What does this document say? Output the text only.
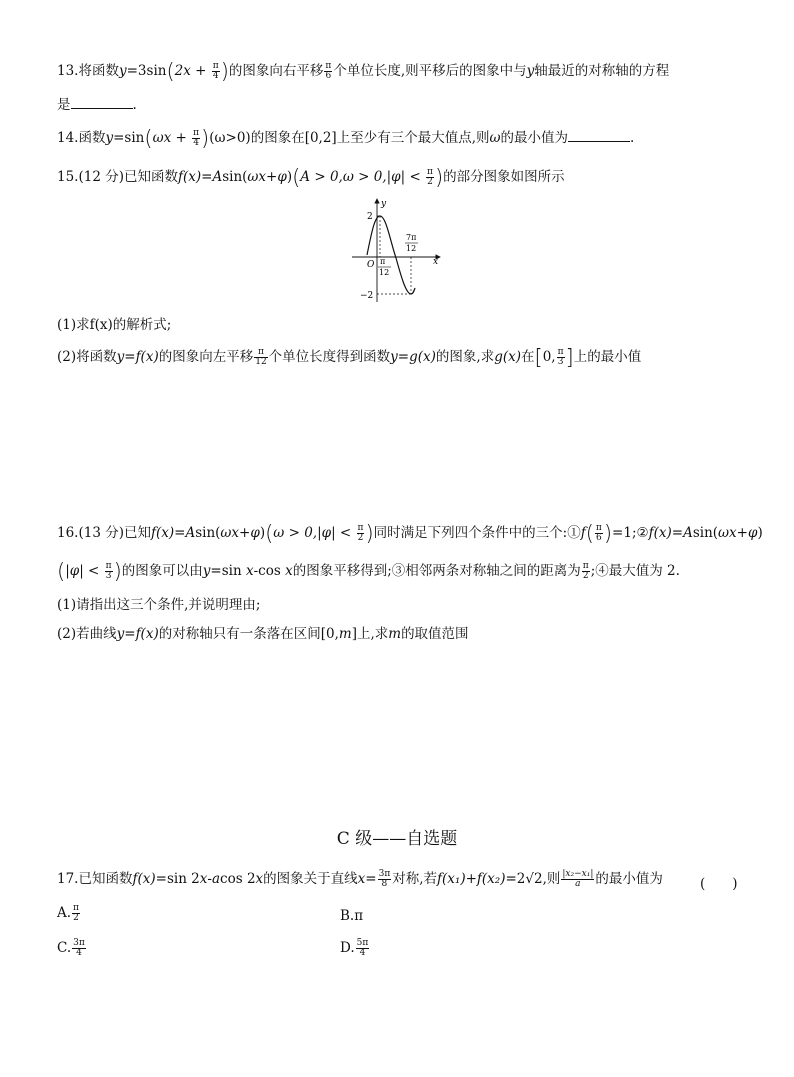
13.将函数$y=3\sin(2x + \frac{\pi}{4}$ )的图象向右平移 $\frac{\pi}{6}$ 个单位长度,则平移后的图象中与y轴最近的对称轴的方程
是	.
14.函数$y=\sin(\omega x + \frac{\pi}{4} )(\omega>0)$的图象在[0,2]上至少有三个最大值点,则ω的最小值为	.
15.(12 分)已知函数$f(x)=Asin(\omega x+\varphi)(A > 0,\omega > 0,|\varphi| < \frac{\pi}{2}$ )的部分图象如图所示
y
x
O
2
−2
π
12
7π
12
(1)求f(x)的解析式;
(2)将函数y=f(x)的图象向左平移 $\frac{\pi}{12}$ 个单位长度得到函数y=g(x)的图象,求g(x)在[0, $\frac{\pi}{3}$ ]上的最小值
16.(13 分)已知$f(x)=Asin(\omega x+\varphi)(\omega > 0,|\varphi| < \frac{\pi}{2}$ )同时满足下列四个条件中的三个:①f( $\frac{\pi}{6}$ )=1;②f(x)=Asin(ωx+φ)
($|\varphi| < \frac{\pi}{3}$ )的图象可以由y=sin x-cos x的图象平移得到;③相邻两条对称轴之间的距离为 $\frac{\pi}{2}$ ;④最大值为 2.
(1)请指出这三个条件,并说明理由;
(2)若曲线y=f(x)的对称轴只有一条落在区间[0,m]上,求m的取值范围
C 级——自选题
17.已知函数f(x)=sin 2x-acos 2x的图象关于直线$x= \frac{3\pi}{8}$ 对称,若f(x₁)+f(x₂)=2√2,则 $\frac{\text{|x₂−x₁|}}{a}$ 的最小值为	(　　)
A. $\frac{\pi}{2}$	B.π
C. $\frac{3\pi}{4}$	D. $\frac{5\pi}{4}$
